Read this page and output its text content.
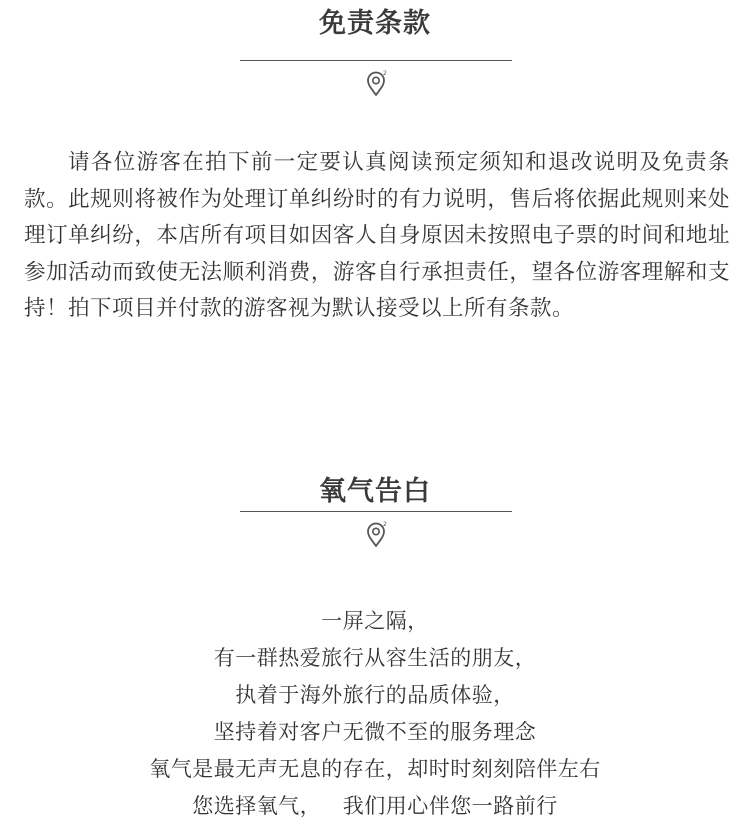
免责条款
2
请各位游客在拍下前一定要认真阅读预定须知和退改说明及免责条款。此规则将被作为处理订单纠纷时的有力说明，售后将依据此规则来处理订单纠纷，本店所有项目如因客人自身原因未按照电子票的时间和地址参加活动而致使无法顺利消费，游客自行承担责任，望各位游客理解和支持！拍下项目并付款的游客视为默认接受以上所有条款。
氧气告白
2
一屏之隔，
有一群热爱旅行从容生活的朋友，
执着于海外旅行的品质体验，
坚持着对客户无微不至的服务理念
氧气是最无声无息的存在，却时时刻刻陪伴左右
您选择氧气，   我们用心伴您一路前行
